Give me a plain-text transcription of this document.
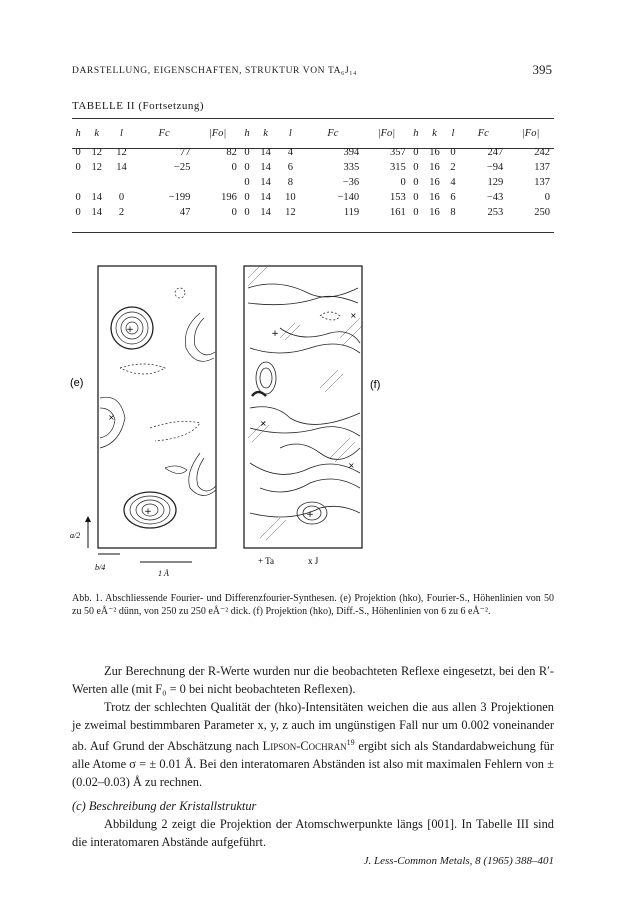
DARSTELLUNG, EIGENSCHAFTEN, STRUKTUR VON TA₆J₁₄	395
TABELLE II (Fortsetzung)
h	k	l	Fc	|Fo|	h	k	l	Fc	|Fo|	h	k	l	Fc	|Fo|
0	12	12	77	82	0	14	4	394	357	0	16	0	247	242
0	12	14	−25	0	0	14	6	335	315	0	16	2	−94	137
					0	14	8	−36	0	0	16	4	129	137
0	14	0	−199	196	0	14	10	−140	153	0	16	6	−43	0
0	14	2	47	0	0	14	12	119	161	0	16	8	253	250
+
×
+
(e)
a/2
b/4
1 Å
+
×
×
×
+
(f)
+ Ta	x J
Abb. 1. Abschliessende Fourier- und Differenzfourier-Synthesen. (e) Projektion (hko), Fourier-S., Höhenlinien von 50 zu 50 eÅ⁻² dünn, von 250 zu 250 eÅ⁻² dick. (f) Projektion (hko), Diff.-S., Höhenlinien von 6 zu 6 eÅ⁻².

Zur Berechnung der R-Werte wurden nur die beobachteten Reflexe eingesetzt, bei den R′-Werten alle (mit F₀ = 0 bei nicht beobachteten Reflexen).

Trotz der schlechten Qualität der (hko)-Intensitäten weichen die aus allen 3 Projektionen je zweimal bestimmbaren Parameter x, y, z auch im ungünstigen Fall nur um 0.002 voneinander ab. Auf Grund der Abschätzung nach Lipson-Cochran$^{19}$ ergibt sich als Standardabweichung für alle Atome σ = ± 0.01 Å. Bei den interatomaren Abständen ist also mit maximalen Fehlern von ± (0.02–0.03) Å zu rechnen.

(c) Beschreibung der Kristallstruktur

Abbildung 2 zeigt die Projektion der Atomschwerpunkte längs [001]. In Tabelle III sind die interatomaren Abstände aufgeführt.

J. Less-Common Metals, 8 (1965) 388–401
